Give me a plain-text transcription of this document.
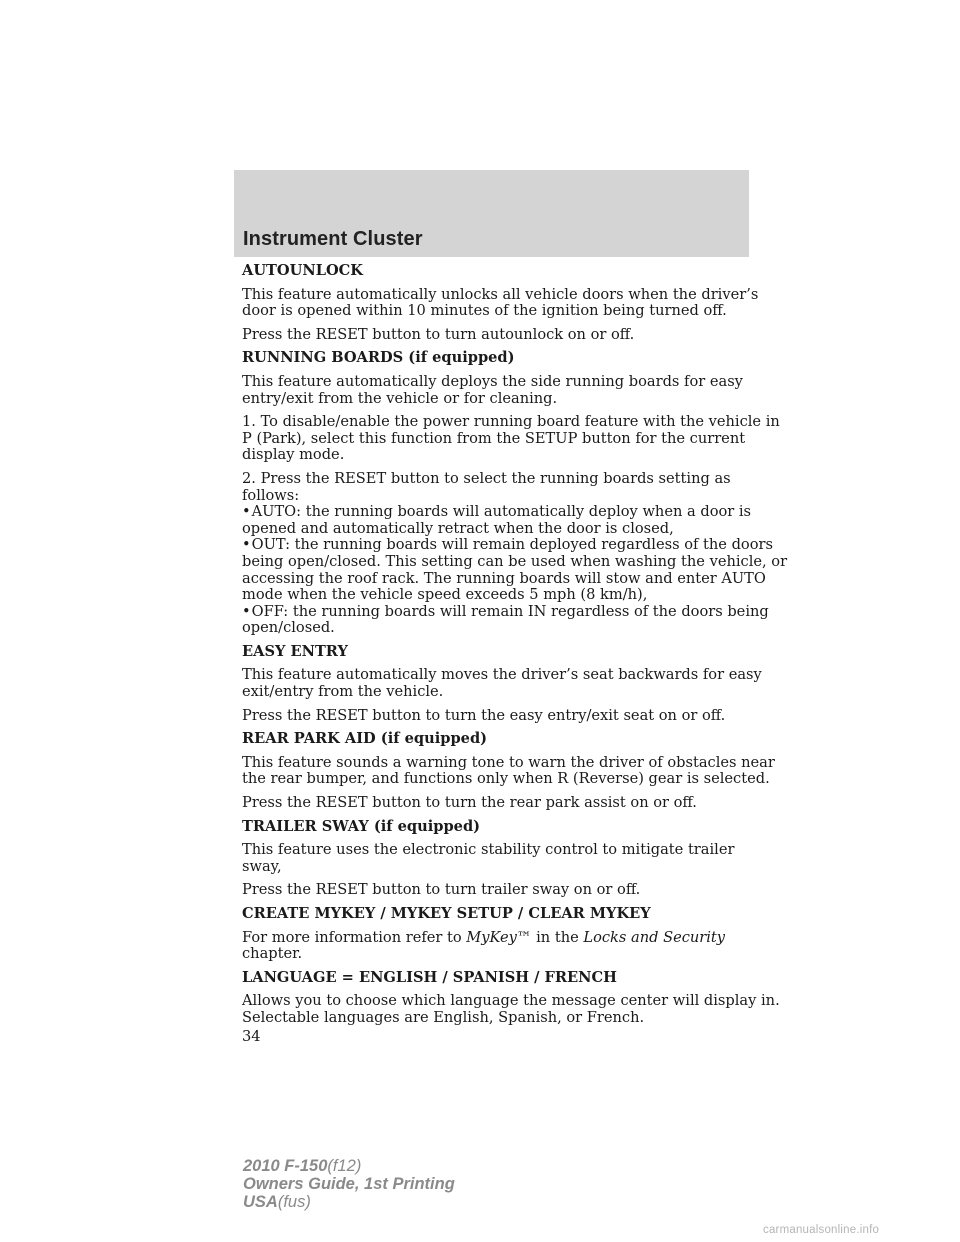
Instrument Cluster
AUTOUNLOCK
This feature automatically unlocks all vehicle doors when the driver’s
door is opened within 10 minutes of the ignition being turned off.
Press the RESET button to turn autounlock on or off.
RUNNING BOARDS (if equipped)
This feature automatically deploys the side running boards for easy
entry/exit from the vehicle or for cleaning.
1. To disable/enable the power running board feature with the vehicle in
P (Park), select this function from the SETUP button for the current
display mode.
2. Press the RESET button to select the running boards setting as
follows:
•AUTO: the running boards will automatically deploy when a door is
opened and automatically retract when the door is closed,
•OUT: the running boards will remain deployed regardless of the doors
being open/closed. This setting can be used when washing the vehicle, or
accessing the roof rack. The running boards will stow and enter AUTO
mode when the vehicle speed exceeds 5 mph (8 km/h),
•OFF: the running boards will remain IN regardless of the doors being
open/closed.
EASY ENTRY
This feature automatically moves the driver’s seat backwards for easy
exit/entry from the vehicle.
Press the RESET button to turn the easy entry/exit seat on or off.
REAR PARK AID (if equipped)
This feature sounds a warning tone to warn the driver of obstacles near
the rear bumper, and functions only when R (Reverse) gear is selected.
Press the RESET button to turn the rear park assist on or off.
TRAILER SWAY (if equipped)
This feature uses the electronic stability control to mitigate trailer sway,
Press the RESET button to turn trailer sway on or off.
CREATE MYKEY / MYKEY SETUP / CLEAR MYKEY
For more information refer to MyKey™ in the Locks and Security
chapter.
LANGUAGE = ENGLISH / SPANISH / FRENCH
Allows you to choose which language the message center will display in.
Selectable languages are English, Spanish, or French.
34
2010 F-150(f12)
Owners Guide, 1st Printing
USA(fus)
carmanualsonline.info
